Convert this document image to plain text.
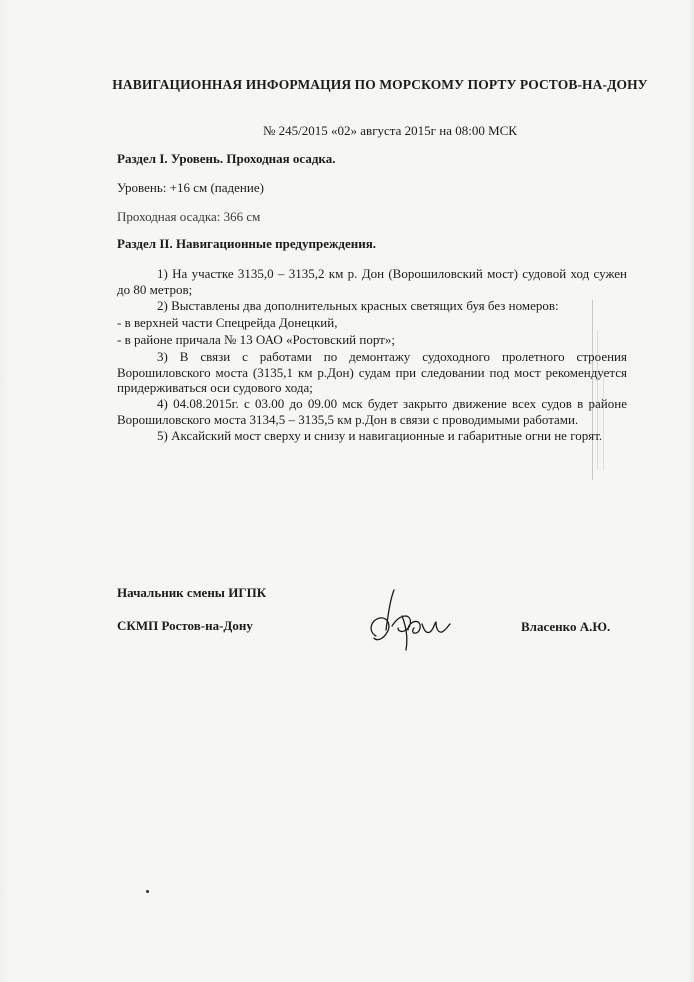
НАВИГАЦИОННАЯ ИНФОРМАЦИЯ ПО МОРСКОМУ ПОРТУ РОСТОВ-НА-ДОНУ
№ 245/2015 «02» августа 2015г на 08:00 МСК
Раздел I. Уровень. Проходная осадка.
Уровень: +16 см (падение)
Проходная осадка: 366 см
Раздел II. Навигационные предупреждения.
1) На участке 3135,0 – 3135,2 км р. Дон (Ворошиловский мост) судовой ход сужен до 80 метров;
2) Выставлены два дополнительных красных светящих буя без номеров:
- в верхней части Спецрейда Донецкий,
- в районе причала № 13 ОАО «Ростовский порт»;
3) В связи с работами по демонтажу судоходного пролетного строения Ворошиловского моста (3135,1 км р.Дон) судам при следовании под мост рекомендуется придерживаться оси судового хода;
4) 04.08.2015г. с 03.00 до 09.00 мск будет закрыто движение всех судов в районе Ворошиловского моста 3134,5 – 3135,5 км р.Дон в связи с проводимыми работами.
5) Аксайский мост сверху и снизу и навигационные и габаритные огни не горят.
Начальник смены ИГПК
СКМП Ростов-на-Дону	Власенко А.Ю.
